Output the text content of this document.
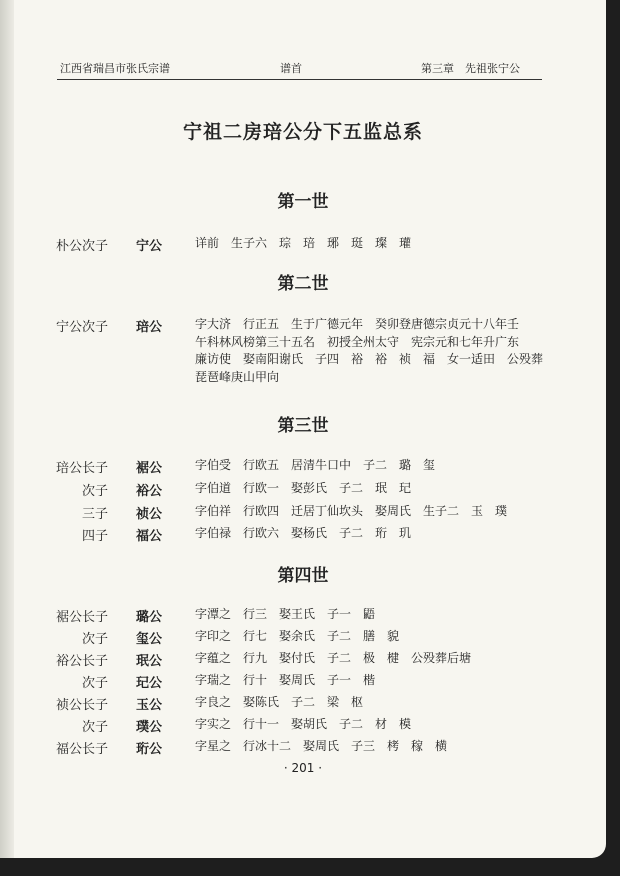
江西省瑞昌市张氏宗谱	谱首	第三章　先祖张宁公
宁祖二房琣公分下五监总系
· 201 ·
第一世
朴公次子 宁公	详前　生子六　琮　琣　琊　珽　璨　瓘
第二世
宁公次子 琣公	字大济　行正五　生于广德元年　癸卯登唐德宗贞元十八年壬
午科林风榜第三十五名　初授全州太守　宪宗元和七年升广东
廉访使　娶南阳谢氏　子四　裕　裕　祯　福　女一适田　公殁葬
琵琶峰庚山甲向
第三世
琣公长子 裾公	字伯受　行欧五　居清牛口中　子二　璐　玺
次子 裕公	字伯道　行欧一　娶彭氏　子二　珉　玘
三子 祯公	字伯祥　行欧四　迁居丁仙坎头　娶周氏　生子二　玉　璞
四子 福公	字伯禄　行欧六　娶杨氏　子二　珩　玑
第四世
裾公长子 璐公	字潭之　行三　娶王氏　子一　鼯
次子 玺公	字印之　行七　娶余氏　子二　膳　貌
裕公长子 珉公	字蕴之　行九　娶付氏　子二　极　楗　公殁葬后塘
次子 玘公	字瑞之　行十　娶周氏　子一　楷
祯公长子 玉公	字良之　娶陈氏　子二　梁　枢
次子 璞公	字实之　行十一　娶胡氏　子二　材　模
福公长子 珩公	字星之　行冰十二　娶周氏　子三　栲　稼　横
